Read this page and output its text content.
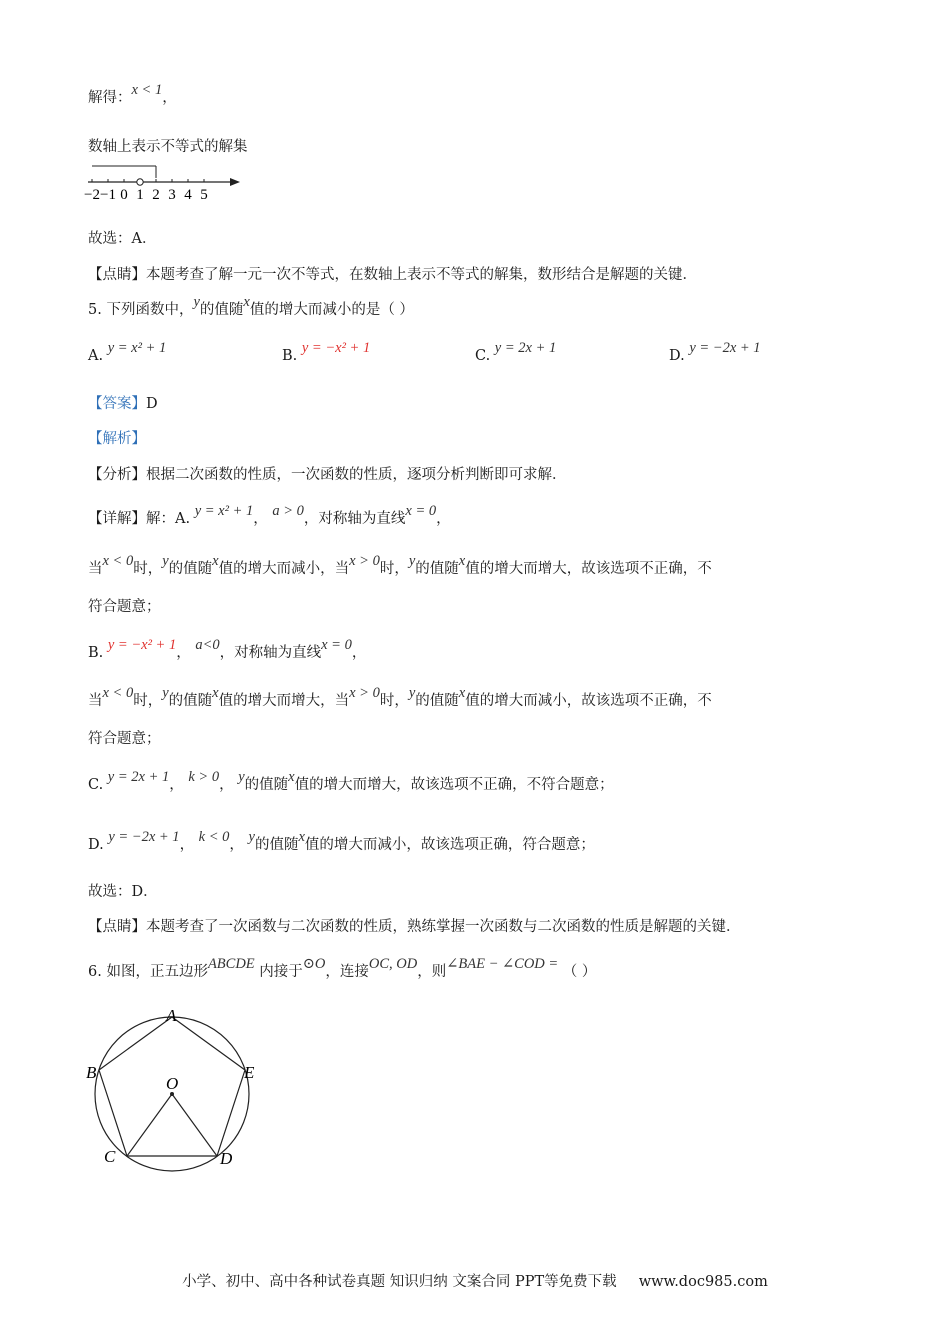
解得：x < 1，
数轴上表示不等式的解集
−2 −1 0 1 2 3 4 5
故选：A．
【点睛】本题考查了解一元一次不等式，在数轴上表示不等式的解集，数形结合是解题的关键．
5. 下列函数中，y的值随x值的增大而减小的是（ ）
A. y = x² + 1	B. y = −x² + 1	C. y = 2x + 1	D. y = −2x + 1
【答案】D
【解析】
【分析】根据二次函数的性质，一次函数的性质，逐项分析判断即可求解．
【详解】解：A. y = x² + 1， a > 0，对称轴为直线x = 0，
当x < 0时，y的值随x值的增大而减小，当x > 0时，y的值随x值的增大而增大，故该选项不正确，不
符合题意；
B. y = −x² + 1， a<0，对称轴为直线x = 0，
当x < 0时，y的值随x值的增大而增大，当x > 0时，y的值随x值的增大而减小，故该选项不正确，不
符合题意；
C. y = 2x + 1， k > 0， y的值随x值的增大而增大，故该选项不正确，不符合题意；
D. y = −2x + 1， k < 0， y的值随x值的增大而减小，故该选项正确，符合题意；
故选：D．
【点睛】本题考查了一次函数与二次函数的性质，熟练掌握一次函数与二次函数的性质是解题的关键．
6. 如图，正五边形ABCDE 内接于⊙O，连接OC, OD，则∠BAE − ∠COD = （ ）
A
B	E
O
C	D
小学、初中、高中各种试卷真题 知识归纳 文案合同 PPT等免费下载 www.doc985.com
